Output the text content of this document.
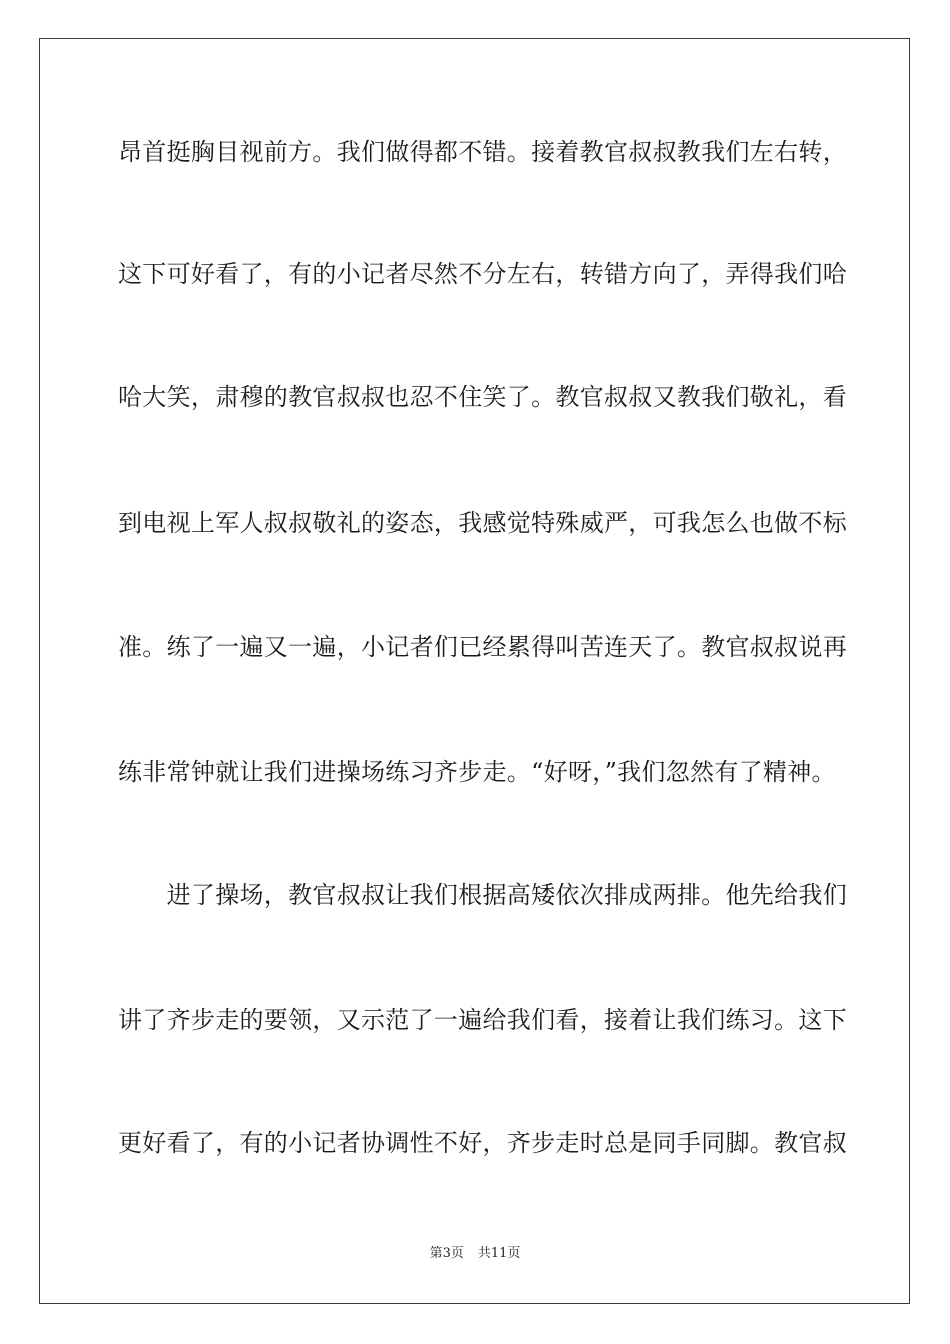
昂首挺胸目视前方。我们做得都不错。接着教官叔叔教我们左右转，
这下可好看了，有的小记者尽然不分左右，转错方向了，弄得我们哈
哈大笑，肃穆的教官叔叔也忍不住笑了。教官叔叔又教我们敬礼，看
到电视上军人叔叔敬礼的姿态，我感觉特殊威严，可我怎么也做不标
准。练了一遍又一遍，小记者们已经累得叫苦连天了。教官叔叔说再
练非常钟就让我们进操场练习齐步走。“好呀，”我们忽然有了精神。
　　进了操场，教官叔叔让我们根据高矮依次排成两排。他先给我们
讲了齐步走的要领，又示范了一遍给我们看，接着让我们练习。这下
更好看了，有的小记者协调性不好，齐步走时总是同手同脚。教官叔
第3页 共11页
